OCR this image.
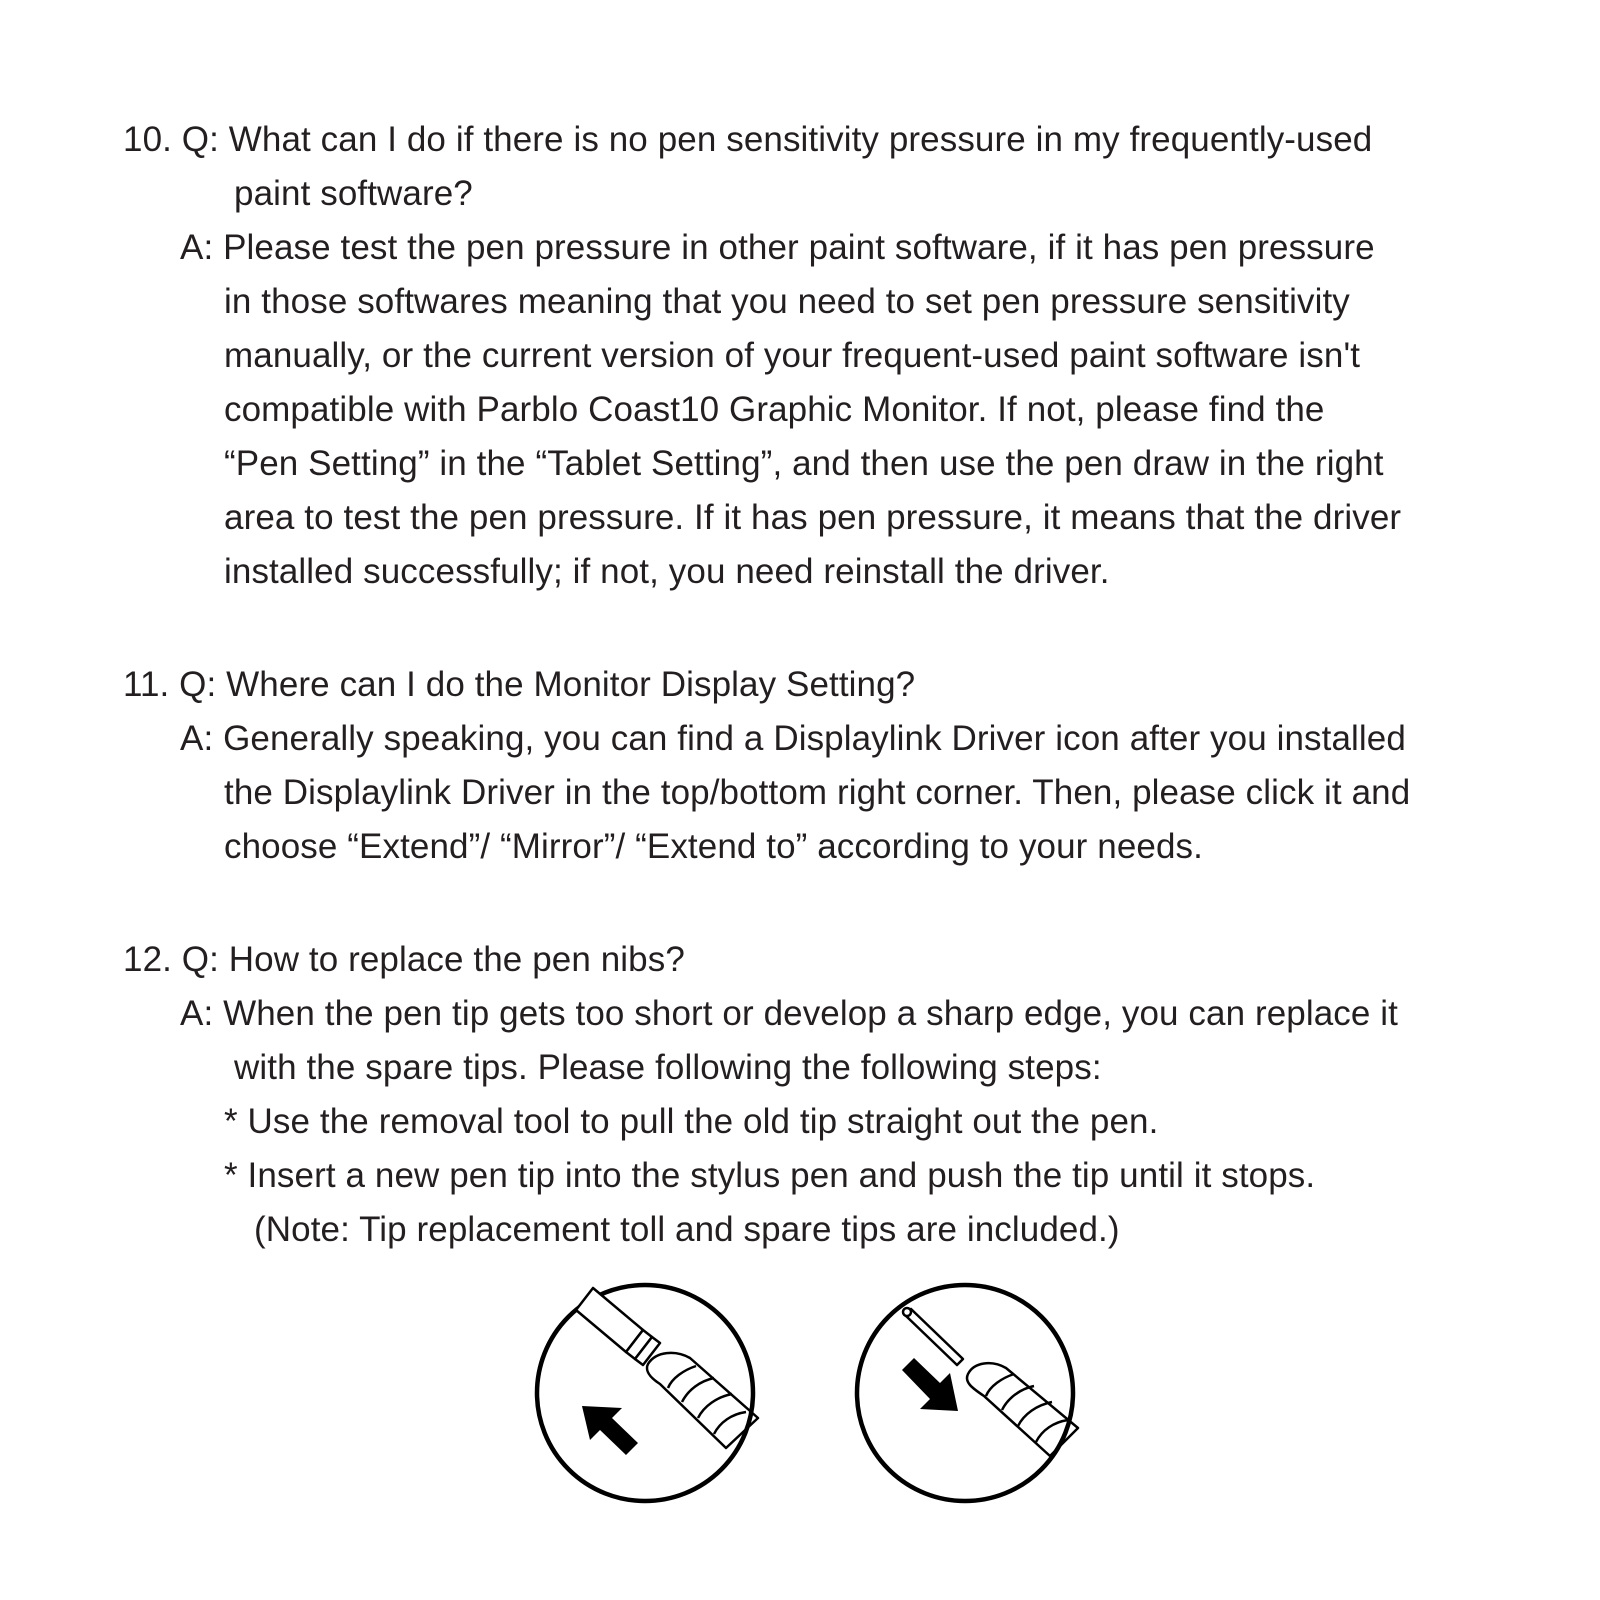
10. Q: What can I do if there is no pen sensitivity pressure in my frequently-used
paint software?
A: Please test the pen pressure in other paint software, if it has pen pressure
in those softwares meaning that you need to set pen pressure sensitivity
manually, or the current version of your frequent-used paint software isn't
compatible with Parblo Coast10 Graphic Monitor. If not, please find the
“Pen Setting” in the “Tablet Setting”, and then use the pen draw in the right
area to test the pen pressure. If it has pen pressure, it means that the driver
installed successfully; if not, you need reinstall the driver.
11. Q: Where can I do the Monitor Display Setting?
A: Generally speaking, you can find a Displaylink Driver icon after you installed
the Displaylink Driver in the top/bottom right corner. Then, please click it and
choose “Extend”/ “Mirror”/ “Extend to” according to your needs.
12. Q: How to replace the pen nibs?
A: When the pen tip gets too short or develop a sharp edge, you can replace it
with the spare tips. Please following the following steps:
* Use the removal tool to pull the old tip straight out the pen.
* Insert a new pen tip into the stylus pen and push the tip until it stops.
(Note: Tip replacement toll and spare tips are included.)
